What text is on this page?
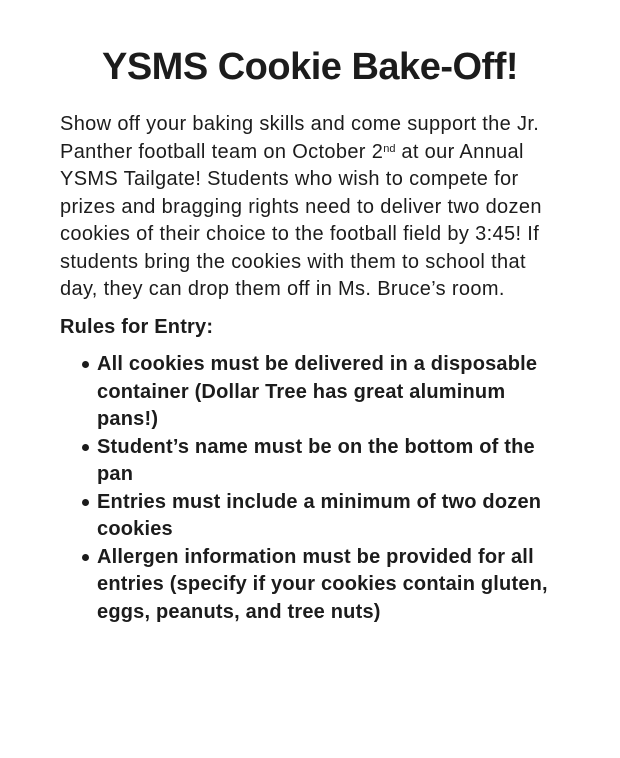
YSMS Cookie Bake-Off!

Show off your baking skills and come support the Jr. Panther football team on October 2nd at our Annual YSMS Tailgate! Students who wish to compete for prizes and bragging rights need to deliver two dozen cookies of their choice to the football field by 3:45! If students bring the cookies with them to school that day, they can drop them off in Ms. Bruce’s room.

Rules for Entry:
All cookies must be delivered in a disposable container (Dollar Tree has great aluminum pans!)
Student’s name must be on the bottom of the pan
Entries must include a minimum of two dozen cookies
Allergen information must be provided for all entries (specify if your cookies contain gluten, eggs, peanuts, and tree nuts)
